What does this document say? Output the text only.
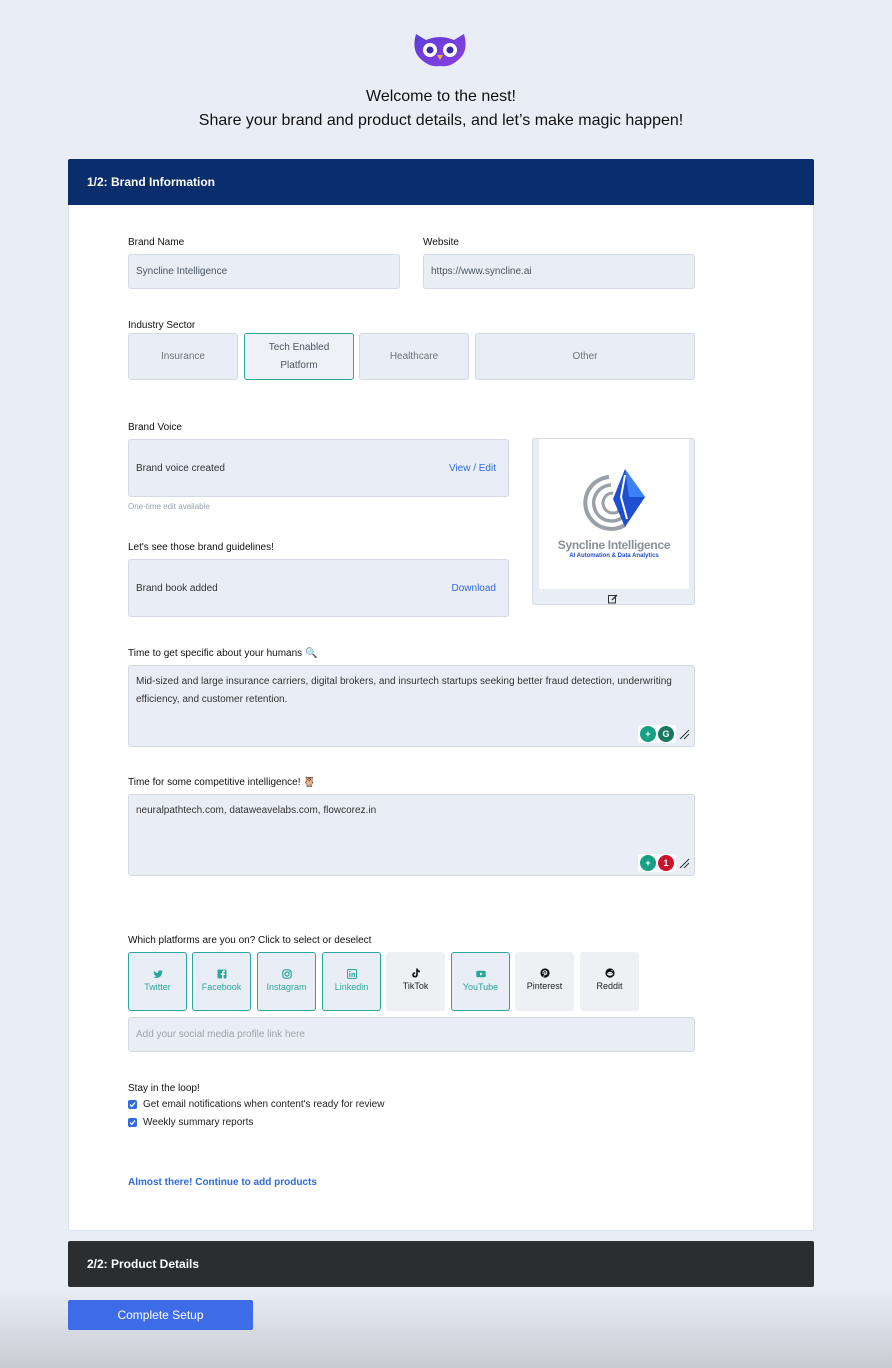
Welcome to the nest!
Share your brand and product details, and let’s make magic happen!
1/2: Brand Information
Brand Name
Syncline Intelligence
Website
https://www.syncline.ai
Industry Sector
Insurance
Tech Enabled Platform
Healthcare	Other
Brand Voice
Brand voice created	View / Edit
One-time edit available
Let's see those brand guidelines!
Brand book added	Download
Syncline Intelligence
AI Automation & Data Analytics
Time to get specific about your humans 🔍
Mid-sized and large insurance carriers, digital brokers, and insurtech startups seeking better fraud detection, underwriting efficiency, and customer retention.
+	G
Time for some competitive intelligence! 🦉
neuralpathtech.com, dataweavelabs.com, flowcorez.in
+	1
Which platforms are you on? Click to select or deselect
Twitter	Facebook	Instagram	Linkedin	TikTok	YouTube	Pinterest	Reddit
Add your social media profile link here
Stay in the loop!
Get email notifications when content's ready for review
Weekly summary reports
Almost there! Continue to add products
2/2: Product Details
Complete Setup
